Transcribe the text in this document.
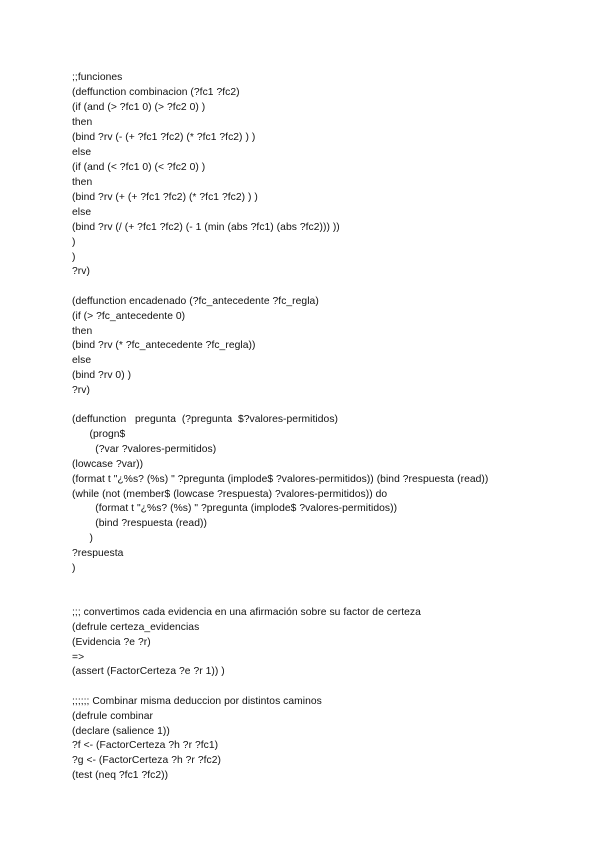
;;funciones
(deffunction combinacion (?fc1 ?fc2)
(if (and (> ?fc1 0) (> ?fc2 0) )
then
(bind ?rv (- (+ ?fc1 ?fc2) (* ?fc1 ?fc2) ) )
else
(if (and (< ?fc1 0) (< ?fc2 0) )
then
(bind ?rv (+ (+ ?fc1 ?fc2) (* ?fc1 ?fc2) ) )
else
(bind ?rv (/ (+ ?fc1 ?fc2) (- 1 (min (abs ?fc1) (abs ?fc2))) ))
)
)
?rv)
(deffunction encadenado (?fc_antecedente ?fc_regla)
(if (> ?fc_antecedente 0)
then
(bind ?rv (* ?fc_antecedente ?fc_regla))
else
(bind ?rv 0) )
?rv)
(deffunction   pregunta  (?pregunta  $?valores-permitidos)
(progn$
(?var ?valores-permitidos)
(lowcase ?var))
(format t "¿%s? (%s) " ?pregunta (implode$ ?valores-permitidos)) (bind ?respuesta (read))
(while (not (member$ (lowcase ?respuesta) ?valores-permitidos)) do
(format t "¿%s? (%s) " ?pregunta (implode$ ?valores-permitidos))
(bind ?respuesta (read))
)
?respuesta
)
;;; convertimos cada evidencia en una afirmación sobre su factor de certeza
(defrule certeza_evidencias
(Evidencia ?e ?r)
=>
(assert (FactorCerteza ?e ?r 1)) )
;;;;;; Combinar misma deduccion por distintos caminos
(defrule combinar
(declare (salience 1))
?f <- (FactorCerteza ?h ?r ?fc1)
?g <- (FactorCerteza ?h ?r ?fc2)
(test (neq ?fc1 ?fc2))
